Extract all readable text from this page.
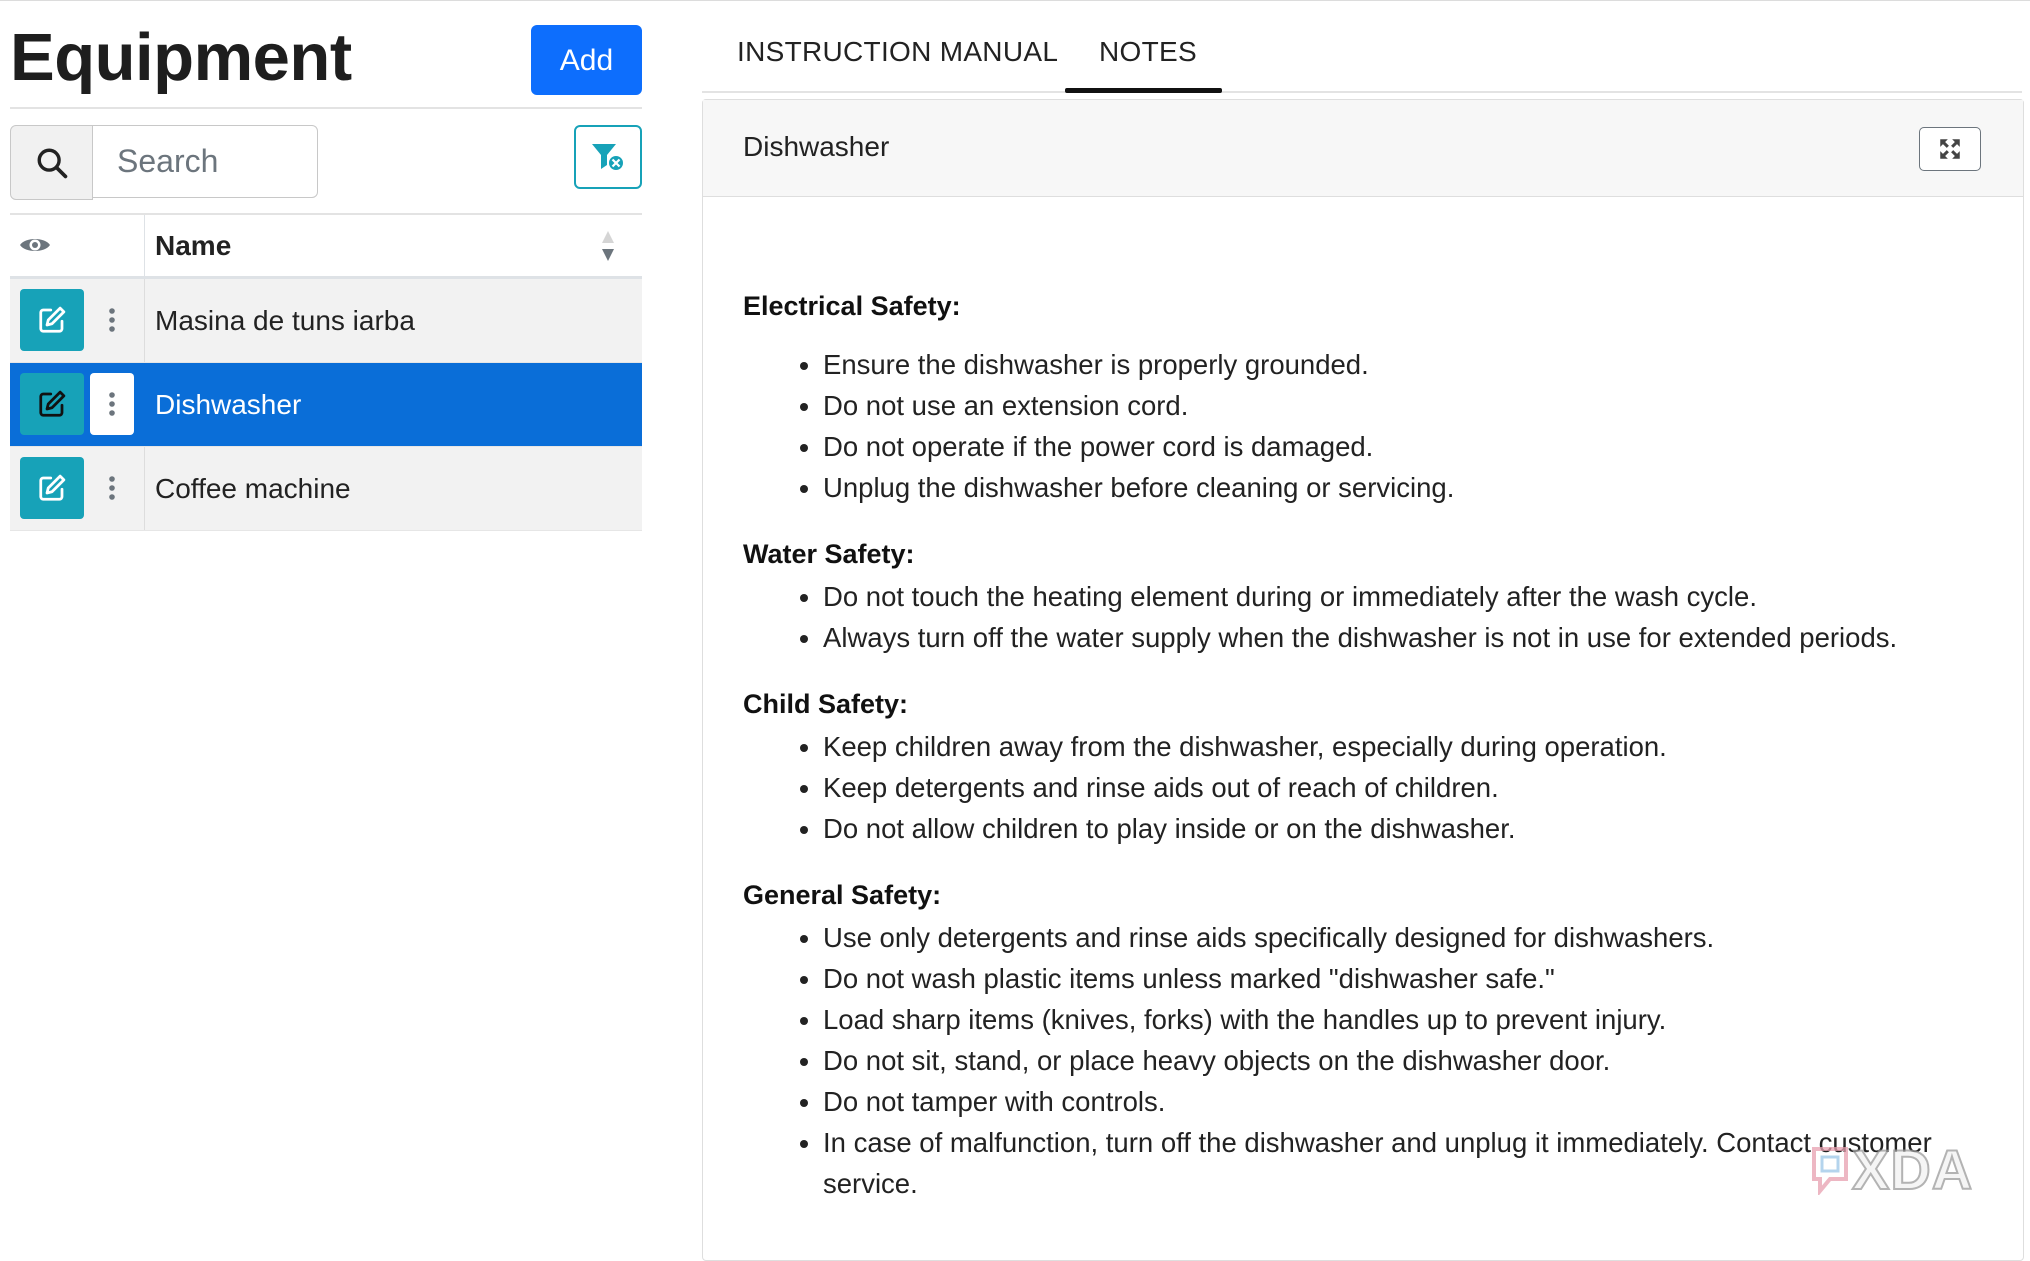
Equipment	Add
Search
Name
Masina de tuns iarba
Dishwasher
Coffee machine
INSTRUCTION MANUAL NOTES
Dishwasher
Electrical Safety:
• Ensure the dishwasher is properly grounded.
• Do not use an extension cord.
• Do not operate if the power cord is damaged.
• Unplug the dishwasher before cleaning or servicing.
Water Safety:
• Do not touch the heating element during or immediately after the wash cycle.
• Always turn off the water supply when the dishwasher is not in use for extended periods.
Child Safety:
• Keep children away from the dishwasher, especially during operation.
• Keep detergents and rinse aids out of reach of children.
• Do not allow children to play inside or on the dishwasher.
General Safety:
• Use only detergents and rinse aids specifically designed for dishwashers.
• Do not wash plastic items unless marked "dishwasher safe."
• Load sharp items (knives, forks) with the handles up to prevent injury.
• Do not sit, stand, or place heavy objects on the dishwasher door.
• Do not tamper with controls.
• In case of malfunction, turn off the dishwasher and unplug it immediately. Contact customer service.	XDA
